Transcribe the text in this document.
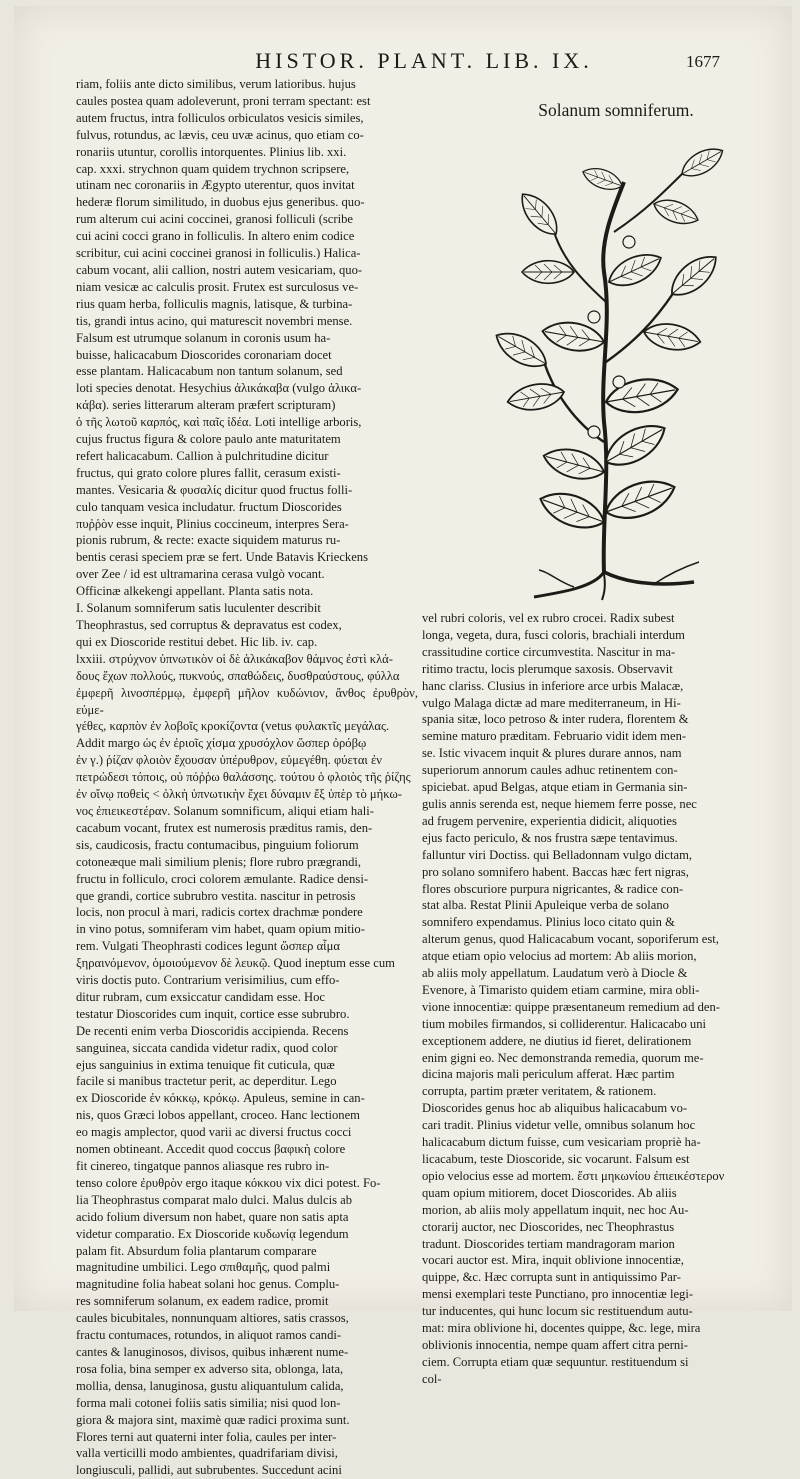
HISTOR. PLANT. LIB. IX.	1677

riam, foliis ante dicto similibus, verum latioribus. hujus

caules postea quam adoleverunt, proni terram spectant: est

autem fructus, intra folliculos orbiculatos vesicis similes,

fulvus, rotundus, ac lævis, ceu uvæ acinus, quo etiam co-

ronariis utuntur, corollis intorquentes. Plinius lib. xxi.

cap. xxxi. strychnon quam quidem trychnon scripsere,

utinam nec coronariis in Ægypto uterentur, quos invitat

hederæ florum similitudo, in duobus ejus generibus. quo-

rum alterum cui acini coccinei, granosi folliculi (scribe

cui acini cocci grano in folliculis. In altero enim codice

scribitur, cui acini coccinei granosi in folliculis.) Halica-

cabum vocant, alii callion, nostri autem vesicariam, quo-

niam vesicæ ac calculis prosit. Frutex est surculosus ve-

rius quam herba, folliculis magnis, latisque, & turbina-

tis, grandi intus acino, qui maturescit novembri mense.

Falsum est utrumque solanum in coronis usum ha-

buisse, halicacabum Dioscorides coronariam docet

esse plantam. Halicacabum non tantum solanum, sed

loti species denotat. Hesychius ἀλικάκαβα (vulgo ἀλικα-

κάβα). series litterarum alteram præfert scripturam)

ὁ τῆς λωτοῦ καρπός, καὶ παῖς ἰδέα. Loti intellige arboris,

cujus fructus figura & colore paulo ante maturitatem

refert halicacabum. Callion à pulchritudine dicitur

fructus, qui grato colore plures fallit, cerasum existi-

mantes. Vesicaria & φυσαλίς dicitur quod fructus folli-

culo tanquam vesica includatur. fructum Dioscorides

πυῤῥὸν esse inquit, Plinius coccineum, interpres Sera-

pionis rubrum, & recte: exacte siquidem maturus ru-

bentis cerasi speciem præ se fert. Unde Batavis Krieckens

over Zee / id est ultramarina cerasa vulgò vocant.

Officinæ alkekengi appellant. Planta satis nota.

I. Solanum somniferum satis luculenter describit

Theophrastus, sed corruptus & depravatus est codex,

qui ex Dioscoride restitui debet. Hic lib. iv. cap.

lxxiii. στρύχνον ὑπνωτικὸν οἱ δὲ ἁλικάκαβον θάμνος ἐστὶ κλά-

δους ἔχων πολλούς, πυκνούς, σπαθώδεις, δυσθραύστους, φύλλα

ἐμφερῆ λινοσπέρμῳ, ἐμφερῆ μῆλον κυδώνιον, ἄνθος ἐρυθρὸν, εὐμε-

γέθες, καρπὸν ἐν λοβοῖς κροκίζοντα (vetus φυλακτῖς μεγάλας.

Addit margo ὡς ἐν ἐριοῖς χίσμα χρυσόχλον ὥσπερ ὀρόβῳ

ἐν γ.) ῥίζαν φλοιὸν ἔχουσαν ὑπέρυθρον, εὐμεγέθη. φύεται ἐν

πετρώδεσι τόποις, οὐ πόῤῥω θαλάσσης. τούτου ὁ φλοιὸς τῆς ῥίζης

ἐν οἴνῳ ποθεὶς < ὀλκὴ ὑπνωτικὴν ἔχει δύναμιν ἔξ ὑπὲρ τὸ μήκω-

νος ἐπιεικεστέραν. Solanum somnificum, aliqui etiam hali-

cacabum vocant, frutex est numerosis præditus ramis, den-

sis, caudicosis, fractu contumacibus, pinguium foliorum

cotoneæque mali similium plenis; flore rubro prægrandi,

fructu in folliculo, croci colorem æmulante. Radice densi-

que grandi, cortice subrubro vestita. nascitur in petrosis

locis, non procul à mari, radicis cortex drachmæ pondere

in vino potus, somniferam vim habet, quam opium mitio-

rem. Vulgati Theophrasti codices legunt ὥσπερ αἷμα

ξηραινόμενον, ὁμοιούμενον δὲ λευκῷ. Quod ineptum esse cum

viris doctis puto. Contrarium verisimilius, cum effo-

ditur rubram, cum exsiccatur candidam esse. Hoc

testatur Dioscorides cum inquit, cortice esse subrubro.

De recenti enim verba Dioscoridis accipienda. Recens

sanguinea, siccata candida videtur radix, quod color

ejus sanguinius in extima tenuique fit cuticula, quæ

facile si manibus tractetur perit, ac deperditur. Lego

ex Dioscoride ἐν κόκκῳ, κρόκῳ. Apuleus, semine in can-

nis, quos Græci lobos appellant, croceo. Hanc lectionem

eo magis amplector, quod varii ac diversi fructus cocci

nomen obtineant. Accedit quod coccus βαφικὴ colore

fit cinereo, tingatque pannos aliasque res rubro in-

tenso colore ἐρυθρὸν ergo itaque κόκκου vix dici potest. Fo-

lia Theophrastus comparat malo dulci. Malus dulcis ab

acido folium diversum non habet, quare non satis apta

videtur comparatio. Ex Dioscoride κυδωνίᾳ legendum

palam fit. Absurdum folia plantarum comparare

magnitudine umbilici. Lego σπιθαμῆς, quod palmi

magnitudine folia habeat solani hoc genus. Complu-

res somniferum solanum, ex eadem radice, promit

caules bicubitales, nonnunquam altiores, satis crassos,

fractu contumaces, rotundos, in aliquot ramos candi-

cantes & lanuginosos, divisos, quibus inhærent nume-

rosa folia, bina semper ex adverso sita, oblonga, lata,

mollia, densa, lanuginosa, gustu aliquantulum calida,

forma mali cotonei foliis satis similia; nisi quod lon-

giora & majora sint, maximè quæ radici proxima sunt.

Flores terni aut quaterni inter folia, caules per inter-

valla verticilli modo ambientes, quadrifariam divisi,

longiusculi, pallidi, aut subrubentes. Succedunt acini

Solanum somniferum.

vel rubri coloris, vel ex rubro crocei. Radix subest

longa, vegeta, dura, fusci coloris, brachiali interdum

crassitudine cortice circumvestita. Nascitur in ma-

ritimo tractu, locis plerumque saxosis. Observavit

hanc clariss. Clusius in inferiore arce urbis Malacæ,

vulgo Malaga dictæ ad mare mediterraneum, in Hi-

spania sitæ, loco petroso & inter rudera, florentem &

semine maturo præditam. Februario vidit idem men-

se. Istic vivacem inquit & plures durare annos, nam

superiorum annorum caules adhuc retinentem con-

spiciebat. apud Belgas, atque etiam in Germania sin-

gulis annis serenda est, neque hiemem ferre posse, nec

ad frugem pervenire, experientia didicit, aliquoties

ejus facto periculo, & nos frustra sæpe tentavimus.

falluntur viri Doctiss. qui Belladonnam vulgo dictam,

pro solano somnifero habent. Baccas hæc fert nigras,

flores obscuriore purpura nigricantes, & radice con-

stat alba. Restat Plinii Apuleique verba de solano

somnifero expendamus. Plinius loco citato quin &

alterum genus, quod Halicacabum vocant, soporiferum est,

atque etiam opio velocius ad mortem: Ab aliis morion,

ab aliis moly appellatum. Laudatum verò à Diocle &

Evenore, à Timaristo quidem etiam carmine, mira obli-

vione innocentiæ: quippe præsentaneum remedium ad den-

tium mobiles firmandos, si colliderentur. Halicacabo uni

exceptionem addere, ne diutius id fieret, delirationem

enim gigni eo. Nec demonstranda remedia, quorum me-

dicina majoris mali periculum afferat. Hæc partim

corrupta, partim præter veritatem, & rationem.

Dioscorides genus hoc ab aliquibus halicacabum vo-

cari tradit. Plinius videtur velle, omnibus solanum hoc

halicacabum dictum fuisse, cum vesicariam propriè ha-

licacabum, teste Dioscoride, sic vocarunt. Falsum est

opio velocius esse ad mortem. ἔστι μηκωνίου ἐπιεικέστερον

quam opium mitiorem, docet Dioscorides. Ab aliis

morion, ab aliis moly appellatum inquit, nec hoc Au-

ctorarij auctor, nec Dioscorides, nec Theophrastus

tradunt. Dioscorides tertiam mandragoram marion

vocari auctor est. Mira, inquit oblivione innocentiæ,

quippe, &c. Hæc corrupta sunt in antiquissimo Par-

mensi exemplari teste Punctiano, pro innocentiæ legi-

tur inducentes, qui hunc locum sic restituendum autu-

mat: mira oblivione hi, docentes quippe, &c. lege, mira

oblivionis innocentia, nempe quam affert citra perni-

ciem. Corrupta etiam quæ sequuntur. restituendum si

col-
